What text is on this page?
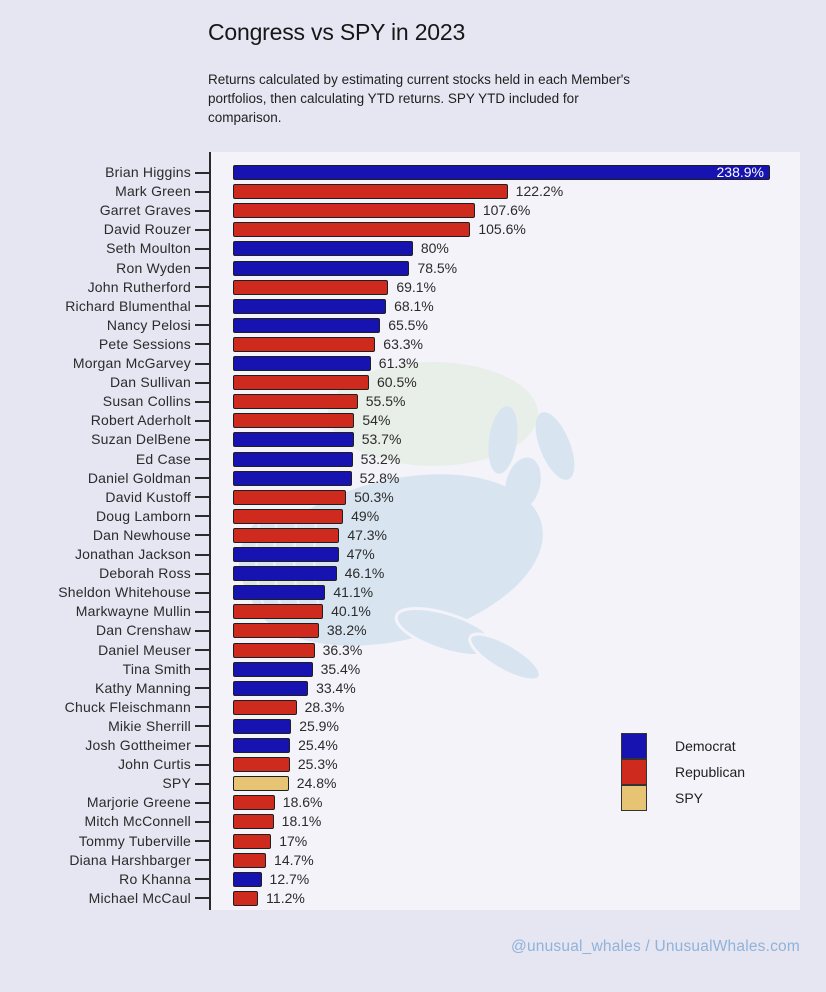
Congress vs SPY in 2023
Returns calculated by estimating current stocks held in each Member's
portfolios, then calculating YTD returns. SPY YTD included for
comparison.
238.9%
122.2%
107.6%
105.6%
80%
78.5%
69.1%
68.1%
65.5%
63.3%
61.3%
60.5%
55.5%
54%
53.7%
53.2%
52.8%
50.3%
49%
47.3%
47%
46.1%
41.1%
40.1%
38.2%
36.3%
35.4%
33.4%
28.3%
25.9%
25.4%
25.3%
24.8%
18.6%
18.1%
17%
14.7%
12.7%
11.2%
Democrat
Republican
SPY
@unusual_whales / UnusualWhales.com
Brian Higgins
Mark Green
Garret Graves
David Rouzer
Seth Moulton
Ron Wyden
John Rutherford
Richard Blumenthal
Nancy Pelosi
Pete Sessions
Morgan McGarvey
Dan Sullivan
Susan Collins
Robert Aderholt
Suzan DelBene
Ed Case
Daniel Goldman
David Kustoff
Doug Lamborn
Dan Newhouse
Jonathan Jackson
Deborah Ross
Sheldon Whitehouse
Markwayne Mullin
Dan Crenshaw
Daniel Meuser
Tina Smith
Kathy Manning
Chuck Fleischmann
Mikie Sherrill
Josh Gottheimer
John Curtis
SPY
Marjorie Greene
Mitch McConnell
Tommy Tuberville
Diana Harshbarger
Ro Khanna
Michael McCaul
